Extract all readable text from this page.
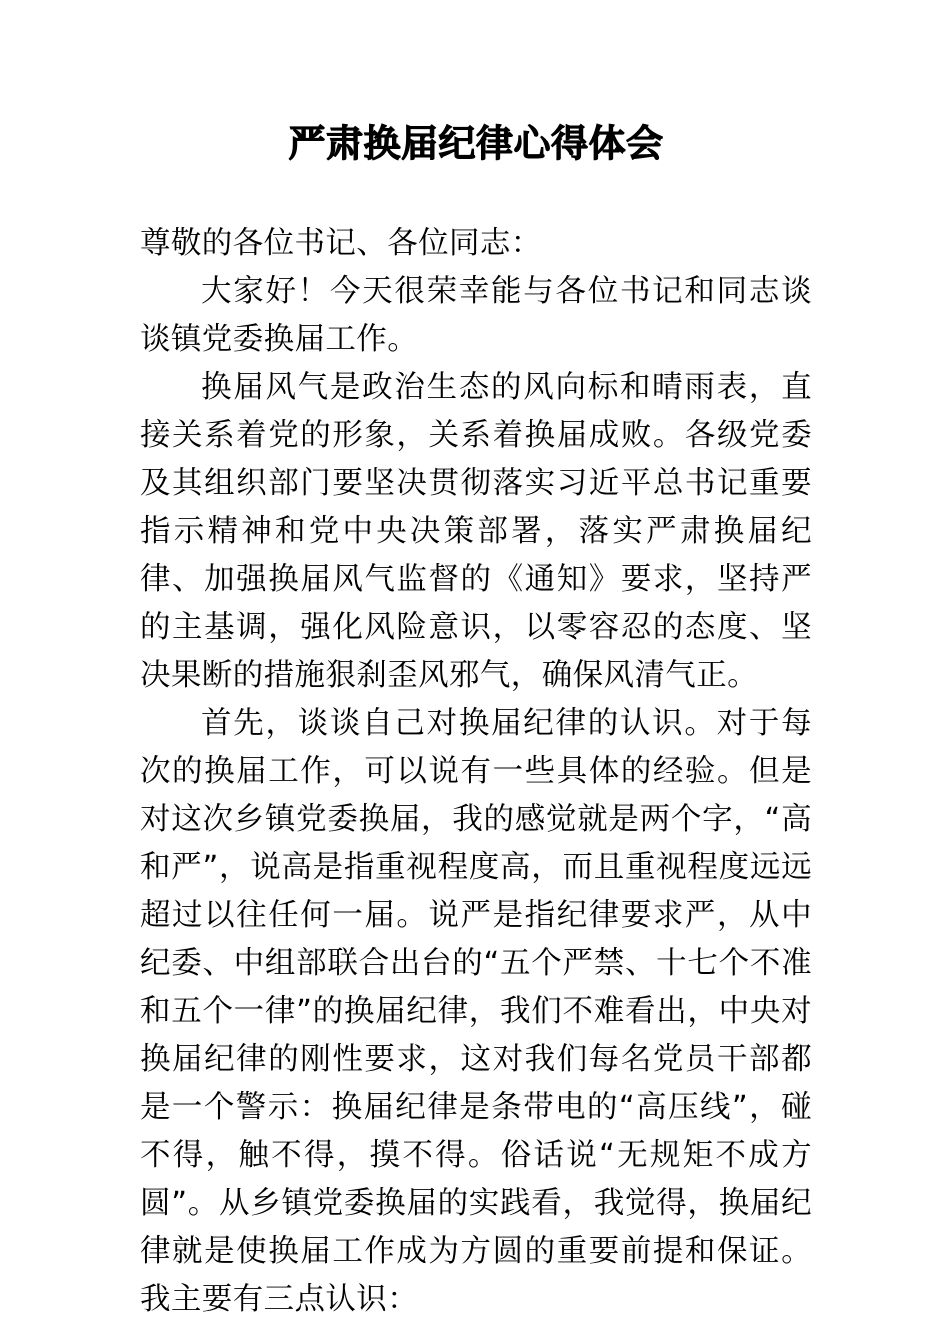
严肃换届纪律心得体会

尊敬的各位书记、各位同志：

大家好！今天很荣幸能与各位书记和同志谈谈镇党委换届工作。

换届风气是政治生态的风向标和晴雨表，直接关系着党的形象，关系着换届成败。各级党委及其组织部门要坚决贯彻落实习近平总书记重要指示精神和党中央决策部署，落实严肃换届纪律、加强换届风气监督的《通知》要求，坚持严的主基调，强化风险意识，以零容忍的态度、坚决果断的措施狠刹歪风邪气，确保风清气正。

首先，谈谈自己对换届纪律的认识。对于每次的换届工作，可以说有一些具体的经验。但是对这次乡镇党委换届，我的感觉就是两个字，“高和严”，说高是指重视程度高，而且重视程度远远超过以往任何一届。说严是指纪律要求严，从中纪委、中组部联合出台的“五个严禁、十七个不准和五个一律”的换届纪律，我们不难看出，中央对换届纪律的刚性要求，这对我们每名党员干部都是一个警示：换届纪律是条带电的“高压线”，碰不得，触不得，摸不得。俗话说“无规矩不成方圆”。从乡镇党委换届的实践看，我觉得，换届纪律就是使换届工作成为方圆的重要前提和保证。我主要有三点认识：
